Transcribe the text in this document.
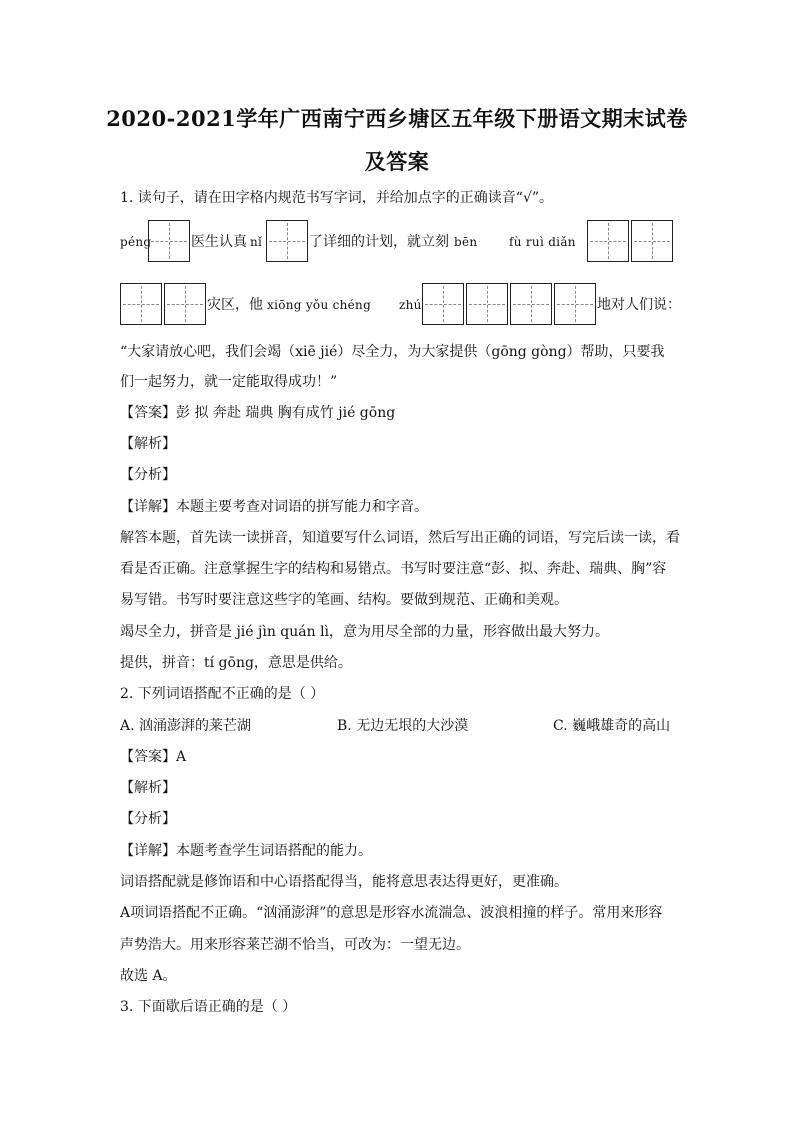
2020-2021学年广西南宁西乡塘区五年级下册语文期末试卷
及答案
1. 读句子，请在田字格内规范书写字词，并给加点字的正确读音“√”。
péng	医生认真 nǐ	了详细的计划，就立刻 bēn	fù ruì diǎn
灾区，他 xiōng yǒu chéng zhú	地对人们说：
“大家请放心吧，我们会竭（xiē jié）尽全力，为大家提供（gōng gòng）帮助，只要我
们一起努力，就一定能取得成功！”
【答案】彭 拟 奔赴 瑞典 胸有成竹 jié gōng
【解析】
【分析】
【详解】本题主要考查对词语的拼写能力和字音。
解答本题，首先读一读拼音，知道要写什么词语，然后写出正确的词语，写完后读一读，看
看是否正确。注意掌握生字的结构和易错点。书写时要注意“彭、拟、奔赴、瑞典、胸”容
易写错。书写时要注意这些字的笔画、结构。要做到规范、正确和美观。
竭尽全力，拼音是 jié jìn quán lì，意为用尽全部的力量，形容做出最大努力。
提供，拼音：tí gōng，意思是供给。
2. 下列词语搭配不正确的是（ ）
A. 汹涌澎湃的莱芒湖	B. 无边无垠的大沙漠	C. 巍峨雄奇的高山
【答案】A
【解析】
【分析】
【详解】本题考查学生词语搭配的能力。
词语搭配就是修饰语和中心语搭配得当，能将意思表达得更好，更准确。
A项词语搭配不正确。“汹涌澎湃”的意思是形容水流湍急、波浪相撞的样子。常用来形容
声势浩大。用来形容莱芒湖不恰当，可改为：一望无边。
故选 A。
3. 下面歇后语正确的是（ ）
